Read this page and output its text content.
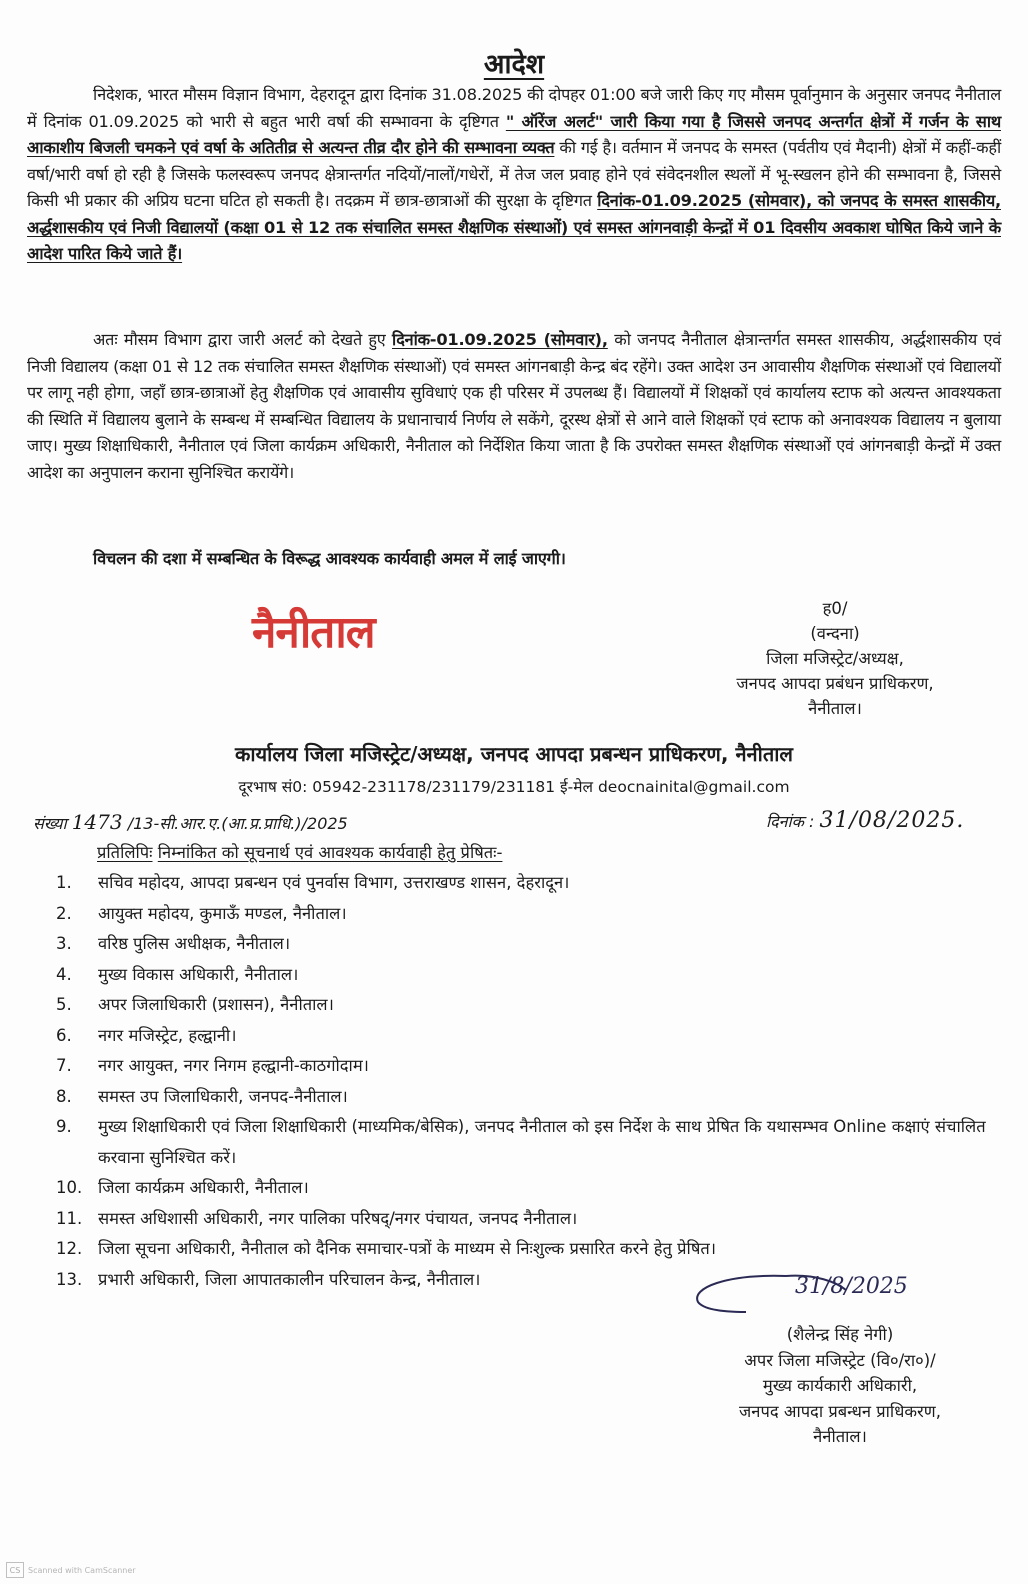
आदेश
निदेशक, भारत मौसम विज्ञान विभाग, देहरादून द्वारा दिनांक 31.08.2025 की दोपहर 01:00 बजे जारी किए गए मौसम पूर्वानुमान के अनुसार जनपद नैनीताल में दिनांक 01.09.2025 को भारी से बहुत भारी वर्षा की सम्भावना के दृष्टिगत " ऑरेंज अलर्ट" जारी किया गया है जिससे जनपद अन्तर्गत क्षेत्रों में गर्जन के साथ आकाशीय बिजली चमकने एवं वर्षा के अतितीव्र से अत्यन्त तीव्र दौर होने की सम्भावना व्यक्त की गई है। वर्तमान में जनपद के समस्त (पर्वतीय एवं मैदानी) क्षेत्रों में कहीं-कहीं वर्षा/भारी वर्षा हो रही है जिसके फलस्वरूप जनपद क्षेत्रान्तर्गत नदियों/नालों/गधेरों, में तेज जल प्रवाह होने एवं संवेदनशील स्थलों में भू-स्खलन होने की सम्भावना है, जिससे किसी भी प्रकार की अप्रिय घटना घटित हो सकती है। तदक्रम में छात्र-छात्राओं की सुरक्षा के दृष्टिगत दिनांक-01.09.2025 (सोमवार), को जनपद के समस्त शासकीय, अर्द्धशासकीय एवं निजी विद्यालयों (कक्षा 01 से 12 तक संचालित समस्त शैक्षणिक संस्थाओं) एवं समस्त आंगनवाड़ी केन्द्रों में 01 दिवसीय अवकाश घोषित किये जाने के आदेश पारित किये जाते हैं।
अतः मौसम विभाग द्वारा जारी अलर्ट को देखते हुए दिनांक-01.09.2025 (सोमवार), को जनपद नैनीताल क्षेत्रान्तर्गत समस्त शासकीय, अर्द्धशासकीय एवं निजी विद्यालय (कक्षा 01 से 12 तक संचालित समस्त शैक्षणिक संस्थाओं) एवं समस्त आंगनबाड़ी केन्द्र बंद रहेंगे। उक्त आदेश उन आवासीय शैक्षणिक संस्थाओं एवं विद्यालयों पर लागू नही होगा, जहाँ छात्र-छात्राओं हेतु शैक्षणिक एवं आवासीय सुविधाएं एक ही परिसर में उपलब्ध हैं। विद्यालयों में शिक्षकों एवं कार्यालय स्टाफ को अत्यन्त आवश्यकता की स्थिति में विद्यालय बुलाने के सम्बन्ध में सम्बन्धित विद्यालय के प्रधानाचार्य निर्णय ले सकेंगे, दूरस्थ क्षेत्रों से आने वाले शिक्षकों एवं स्टाफ को अनावश्यक विद्यालय न बुलाया जाए। मुख्य शिक्षाधिकारी, नैनीताल एवं जिला कार्यक्रम अधिकारी, नैनीताल को निर्देशित किया जाता है कि उपरोक्त समस्त शैक्षणिक संस्थाओं एवं आंगनबाड़ी केन्द्रों में उक्त आदेश का अनुपालन कराना सुनिश्चित करायेंगे।
विचलन की दशा में सम्बन्धित के विरूद्ध आवश्यक कार्यवाही अमल में लाई जाएगी।
नैनीताल	ह0/
(वन्दना)
जिला मजिस्ट्रेट/अध्यक्ष,
जनपद आपदा प्रबंधन प्राधिकरण,
नैनीताल।
कार्यालय जिला मजिस्ट्रेट/अध्यक्ष, जनपद आपदा प्रबन्धन प्राधिकरण, नैनीताल
दूरभाष सं0: 05942-231178/231179/231181 ई-मेल deocnainital@gmail.com
संख्या 1473 /13-सी.आर.ए.(आ.प्र.प्राधि.)/2025	दिनांक : 31/08/2025.
प्रतिलिपिः निम्नांकित को सूचनार्थ एवं आवश्यक कार्यवाही हेतु प्रेषितः-
1.	सचिव महोदय, आपदा प्रबन्धन एवं पुनर्वास विभाग, उत्तराखण्ड शासन, देहरादून।
2.	आयुक्त महोदय, कुमाऊँ मण्डल, नैनीताल।
3.	वरिष्ठ पुलिस अधीक्षक, नैनीताल।
4.	मुख्य विकास अधिकारी, नैनीताल।
5.	अपर जिलाधिकारी (प्रशासन), नैनीताल।
6.	नगर मजिस्ट्रेट, हल्द्वानी।
7.	नगर आयुक्त, नगर निगम हल्द्वानी-काठगोदाम।
8.	समस्त उप जिलाधिकारी, जनपद-नैनीताल।
9.	मुख्य शिक्षाधिकारी एवं जिला शिक्षाधिकारी (माध्यमिक/बेसिक), जनपद नैनीताल को इस निर्देश के साथ प्रेषित कि यथासम्भव Online कक्षाएं संचालित करवाना सुनिश्चित करें।
10. जिला कार्यक्रम अधिकारी, नैनीताल।
11. समस्त अधिशासी अधिकारी, नगर पालिका परिषद्/नगर पंचायत, जनपद नैनीताल।
12. जिला सूचना अधिकारी, नैनीताल को दैनिक समाचार-पत्रों के माध्यम से निःशुल्क प्रसारित करने हेतु प्रेषित।
13. प्रभारी अधिकारी, जिला आपातकालीन परिचालन केन्द्र, नैनीताल।	31/8/2025
(शैलेन्द्र सिंह नेगी)
अपर जिला मजिस्ट्रेट (वि०/रा०)/
मुख्य कार्यकारी अधिकारी,
जनपद आपदा प्रबन्धन प्राधिकरण,
नैनीताल।
CS Scanned with CamScanner
